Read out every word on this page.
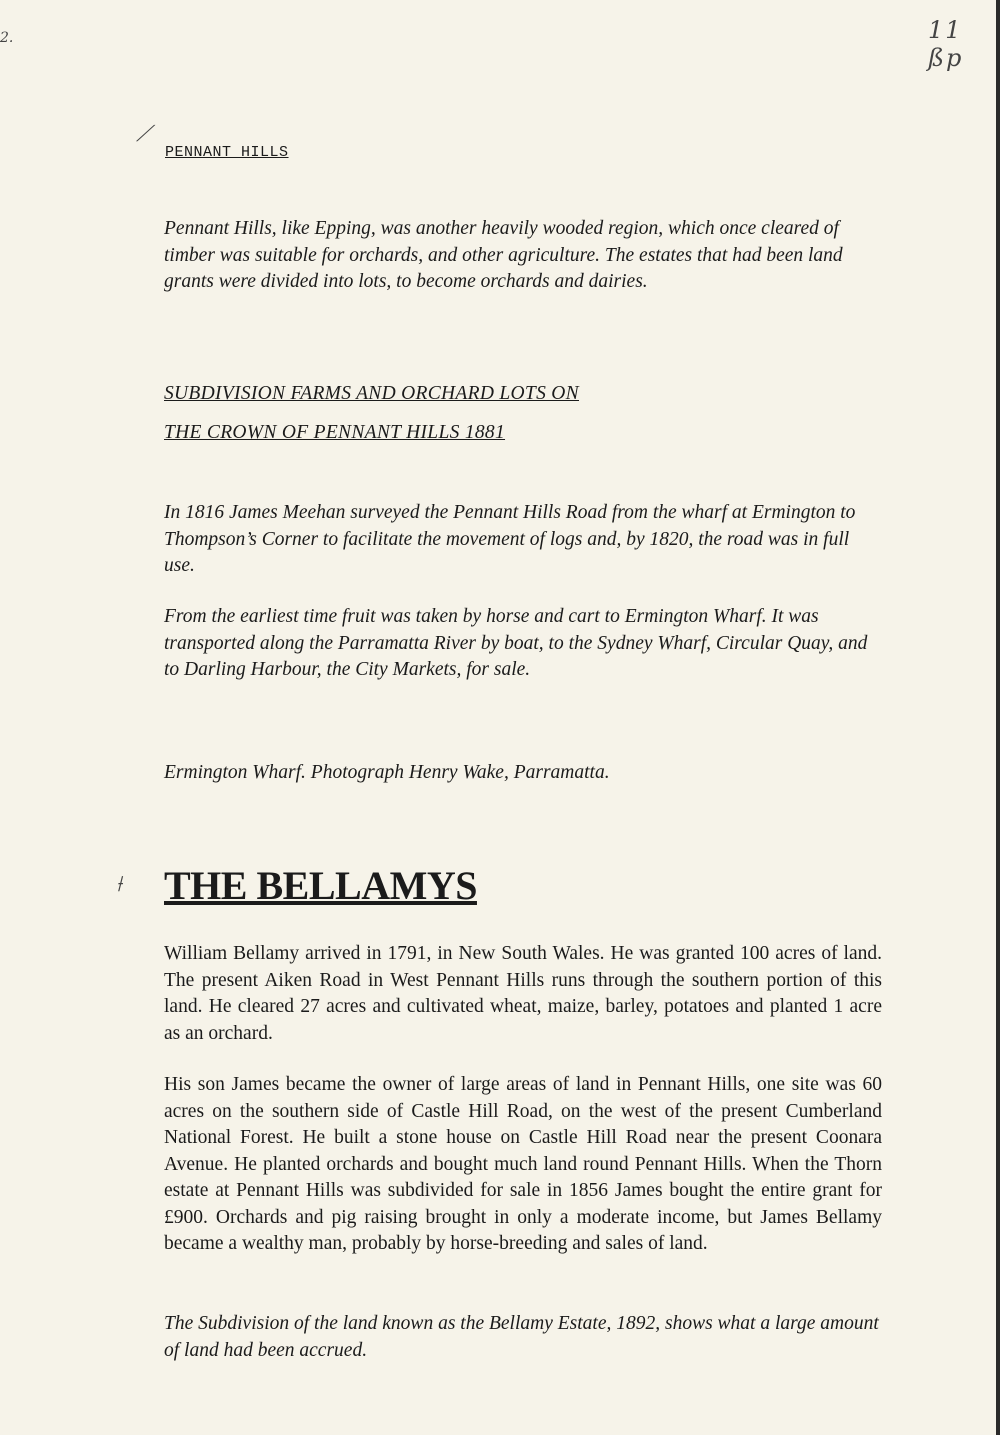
11 ßp
⟋
⟊
2.
PENNANT HILLS

Pennant Hills, like Epping, was another heavily wooded region, which once cleared of timber was suitable for orchards, and other agriculture. The estates that had been land grants were divided into lots, to become orchards and dairies.

SUBDIVISION FARMS AND ORCHARD LOTS ON

THE CROWN OF PENNANT HILLS 1881

In 1816 James Meehan surveyed the Pennant Hills Road from the wharf at Ermington to Thompson’s Corner to facilitate the movement of logs and, by 1820, the road was in full use.

From the earliest time fruit was taken by horse and cart to Ermington Wharf. It was transported along the Parramatta River by boat, to the Sydney Wharf, Circular Quay, and to Darling Harbour, the City Markets, for sale.

Ermington Wharf. Photograph Henry Wake, Parramatta.

THE BELLAMYS

William Bellamy arrived in 1791, in New South Wales. He was granted 100 acres of land. The present Aiken Road in West Pennant Hills runs through the southern portion of this land. He cleared 27 acres and cultivated wheat, maize, barley, potatoes and planted 1 acre as an orchard.

His son James became the owner of large areas of land in Pennant Hills, one site was 60 acres on the southern side of Castle Hill Road, on the west of the present Cumberland National Forest. He built a stone house on Castle Hill Road near the present Coonara Avenue. He planted orchards and bought much land round Pennant Hills. When the Thorn estate at Pennant Hills was subdivided for sale in 1856 James bought the entire grant for £900. Orchards and pig raising brought in only a moderate income, but James Bellamy became a wealthy man, probably by horse-breeding and sales of land.

The Subdivision of the land known as the Bellamy Estate, 1892, shows what a large amount of land had been accrued.
